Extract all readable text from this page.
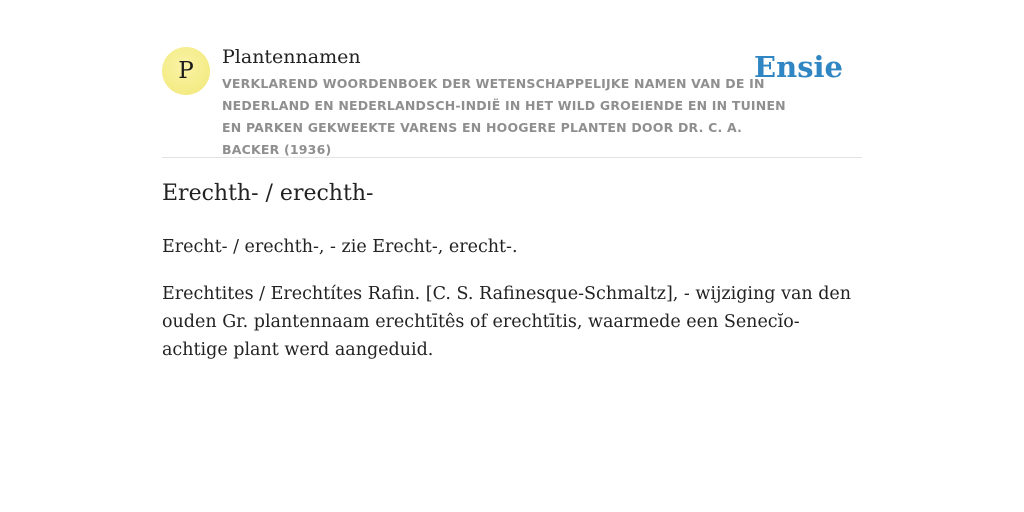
P
Plantennamen
VERKLAREND WOORDENBOEK DER WETENSCHAPPELIJKE NAMEN VAN DE IN NEDERLAND EN NEDERLANDSCH-INDIË IN HET WILD GROEIENDE EN IN TUINEN EN PARKEN GEKWEEKTE VARENS EN HOOGERE PLANTEN DOOR DR. C. A. BACKER (1936)
Ensie
Erechth- / erechth-

Erecht- / erechth-, - zie Erecht-, erecht-.

Erechtites / Erechtítes Rafin. [C. S. Rafinesque-Schmaltz], - wijziging van den ouden Gr. plantennaam erechtītês of erechtītis, waarmede een Senecĭo-achtige plant werd aangeduid.
